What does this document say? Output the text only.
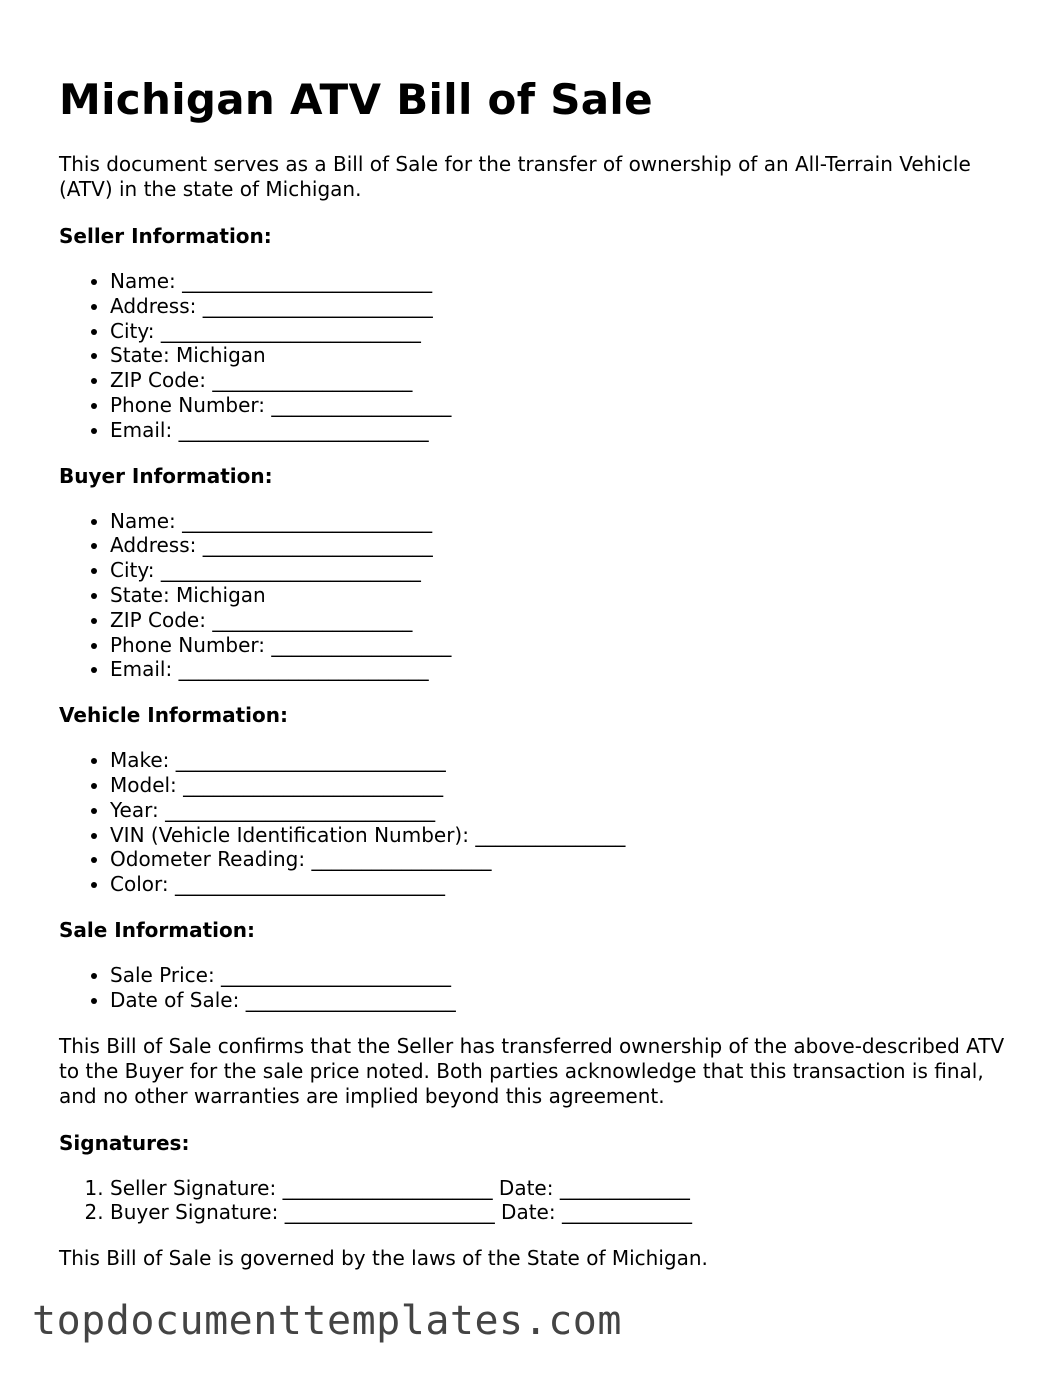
Michigan ATV Bill of Sale

This document serves as a Bill of Sale for the transfer of ownership of an All-Terrain Vehicle (ATV) in the state of Michigan.

Seller Information:
• Name: _________________________
• Address: _______________________
• City: __________________________
• State: Michigan
• ZIP Code: ____________________
• Phone Number: __________________
• Email: _________________________
Buyer Information:
• Name: _________________________
• Address: _______________________
• City: __________________________
• State: Michigan
• ZIP Code: ____________________
• Phone Number: __________________
• Email: _________________________
Vehicle Information:
• Make: ___________________________
• Model: __________________________
• Year: ___________________________
• VIN (Vehicle Identification Number): _______________
• Odometer Reading: __________________
• Color: ___________________________
Sale Information:
• Sale Price: _______________________
• Date of Sale: _____________________

This Bill of Sale confirms that the Seller has transferred ownership of the above-described ATV to the Buyer for the sale price noted. Both parties acknowledge that this transaction is final, and no other warranties are implied beyond this agreement.

Signatures:
1. Seller Signature: _____________________ Date: _____________
2. Buyer Signature: _____________________ Date: _____________

This Bill of Sale is governed by the laws of the State of Michigan.

topdocumenttemplates.com
